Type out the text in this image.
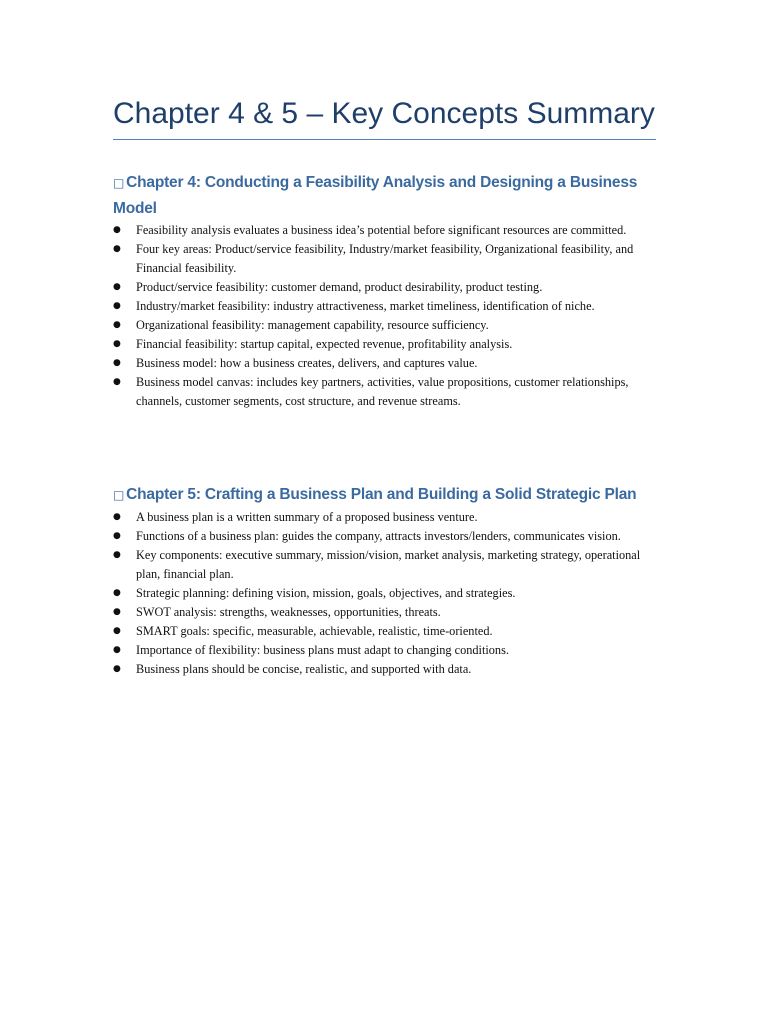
Chapter 4 & 5 – Key Concepts Summary
□ Chapter 4: Conducting a Feasibility Analysis and Designing a Business Model
● Feasibility analysis evaluates a business idea’s potential before significant resources are committed.
● Four key areas: Product/service feasibility, Industry/market feasibility, Organizational feasibility, and Financial feasibility.
● Product/service feasibility: customer demand, product desirability, product testing.
● Industry/market feasibility: industry attractiveness, market timeliness, identification of niche.
● Organizational feasibility: management capability, resource sufficiency.
● Financial feasibility: startup capital, expected revenue, profitability analysis.
● Business model: how a business creates, delivers, and captures value.
● Business model canvas: includes key partners, activities, value propositions, customer relationships, channels, customer segments, cost structure, and revenue streams.
□ Chapter 5: Crafting a Business Plan and Building a Solid Strategic Plan
● A business plan is a written summary of a proposed business venture.
● Functions of a business plan: guides the company, attracts investors/lenders, communicates vision.
● Key components: executive summary, mission/vision, market analysis, marketing strategy, operational plan, financial plan.
● Strategic planning: defining vision, mission, goals, objectives, and strategies.
● SWOT analysis: strengths, weaknesses, opportunities, threats.
● SMART goals: specific, measurable, achievable, realistic, time-oriented.
● Importance of flexibility: business plans must adapt to changing conditions.
● Business plans should be concise, realistic, and supported with data.
